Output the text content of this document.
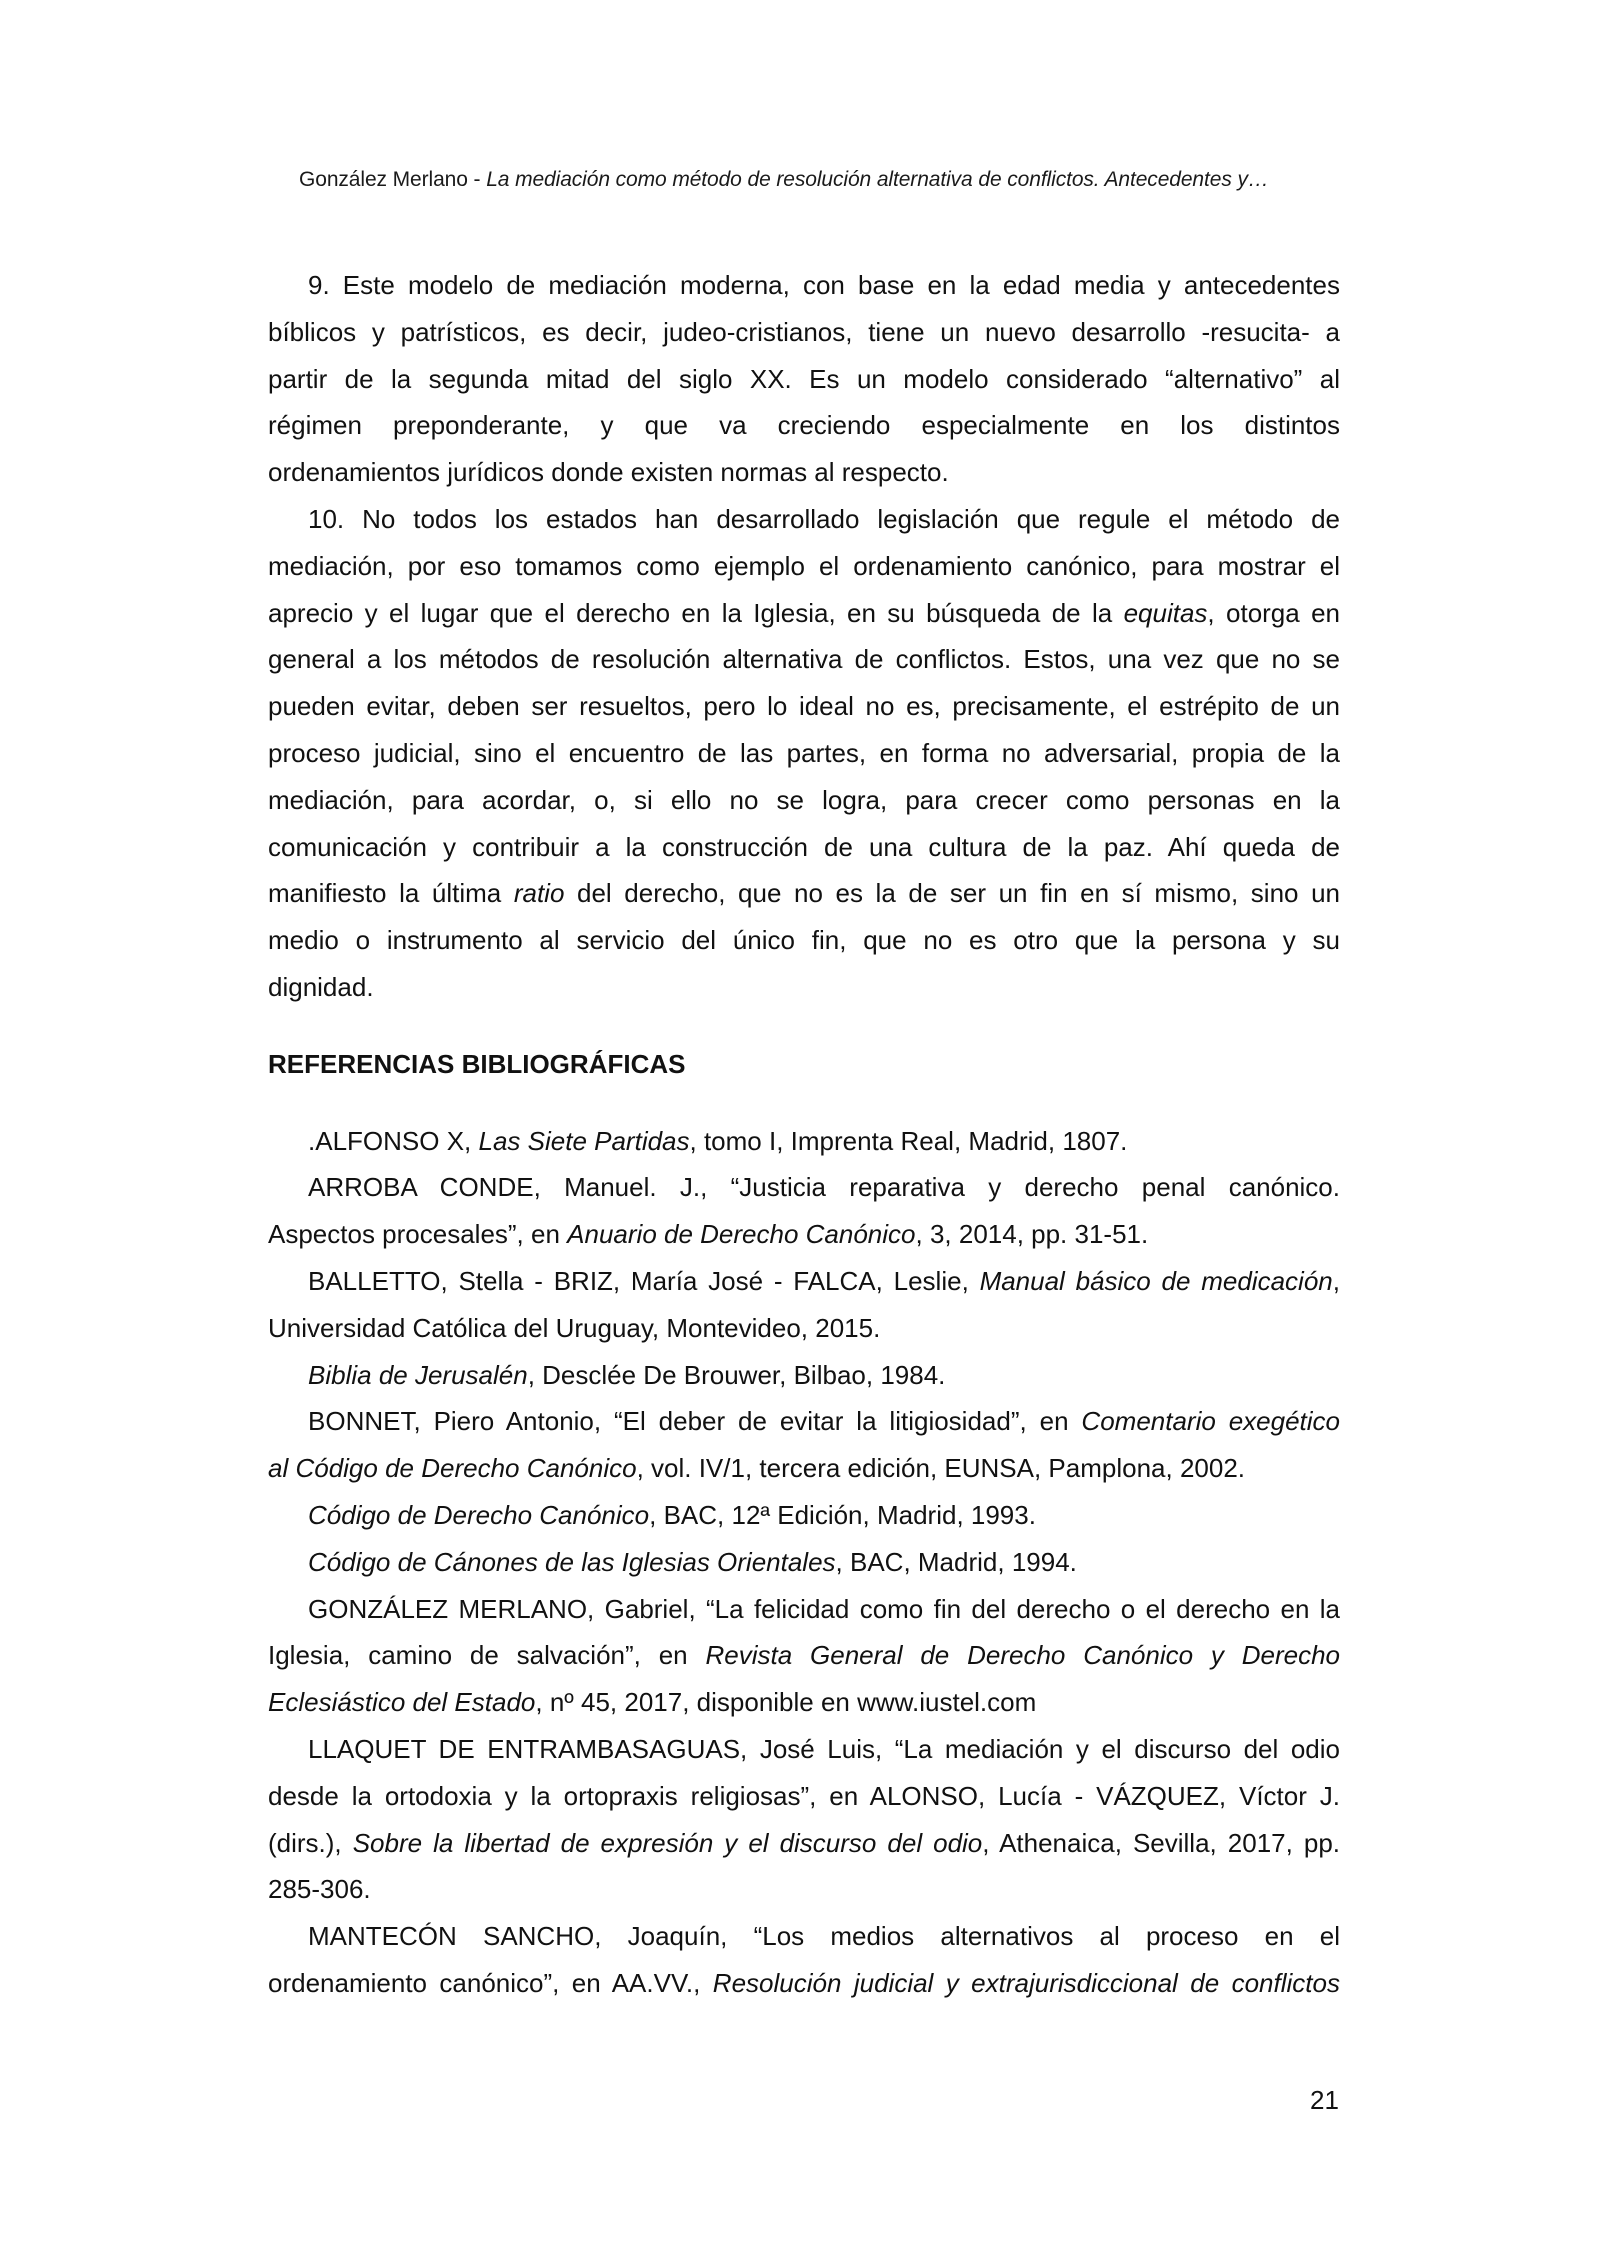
González Merlano - La mediación como método de resolución alternativa de conflictos. Antecedentes y…
9. Este modelo de mediación moderna, con base en la edad media y antecedentes
bíblicos y patrísticos, es decir, judeo-cristianos, tiene un nuevo desarrollo -resucita- a
partir de la segunda mitad del siglo XX. Es un modelo considerado “alternativo” al
régimen preponderante, y que va creciendo especialmente en los distintos
ordenamientos jurídicos donde existen normas al respecto.
10. No todos los estados han desarrollado legislación que regule el método de
mediación, por eso tomamos como ejemplo el ordenamiento canónico, para mostrar el
aprecio y el lugar que el derecho en la Iglesia, en su búsqueda de la equitas, otorga en
general a los métodos de resolución alternativa de conflictos. Estos, una vez que no se
pueden evitar, deben ser resueltos, pero lo ideal no es, precisamente, el estrépito de un
proceso judicial, sino el encuentro de las partes, en forma no adversarial, propia de la
mediación, para acordar, o, si ello no se logra, para crecer como personas en la
comunicación y contribuir a la construcción de una cultura de la paz. Ahí queda de
manifiesto la última ratio del derecho, que no es la de ser un fin en sí mismo, sino un
medio o instrumento al servicio del único fin, que no es otro que la persona y su
dignidad.
REFERENCIAS BIBLIOGRÁFICAS
.ALFONSO X, Las Siete Partidas, tomo I, Imprenta Real, Madrid, 1807.
ARROBA CONDE, Manuel. J., “Justicia reparativa y derecho penal canónico.
Aspectos procesales”, en Anuario de Derecho Canónico, 3, 2014, pp. 31-51.
BALLETTO, Stella - BRIZ, María José - FALCA, Leslie, Manual básico de medicación,
Universidad Católica del Uruguay, Montevideo, 2015.
Biblia de Jerusalén, Desclée De Brouwer, Bilbao, 1984.
BONNET, Piero Antonio, “El deber de evitar la litigiosidad”, en Comentario exegético
al Código de Derecho Canónico, vol. IV/1, tercera edición, EUNSA, Pamplona, 2002.
Código de Derecho Canónico, BAC, 12ª Edición, Madrid, 1993.
Código de Cánones de las Iglesias Orientales, BAC, Madrid, 1994.
GONZÁLEZ MERLANO, Gabriel, “La felicidad como fin del derecho o el derecho en la
Iglesia, camino de salvación”, en Revista General de Derecho Canónico y Derecho
Eclesiástico del Estado, nº 45, 2017, disponible en www.iustel.com
LLAQUET DE ENTRAMBASAGUAS, José Luis, “La mediación y el discurso del odio
desde la ortodoxia y la ortopraxis religiosas”, en ALONSO, Lucía - VÁZQUEZ, Víctor J.
(dirs.), Sobre la libertad de expresión y el discurso del odio, Athenaica, Sevilla, 2017, pp.
285-306.
MANTECÓN SANCHO, Joaquín, “Los medios alternativos al proceso en el
ordenamiento canónico”, en AA.VV., Resolución judicial y extrajurisdiccional de conflictos
21
